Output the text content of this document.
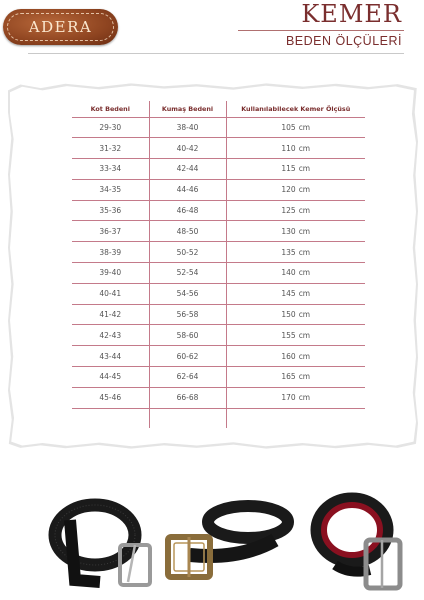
ADERA	KEMER
BEDEN ÖLÇÜLERİ
Kot Bedeni	Kumaş Bedeni	Kullanılabilecek Kemer Ölçüsü
29-30	38-40	105 cm
31-32	40-42	110 cm
33-34	42-44	115 cm
34-35	44-46	120 cm
35-36	46-48	125 cm
36-37	48-50	130 cm
38-39	50-52	135 cm
39-40	52-54	140 cm
40-41	54-56	145 cm
41-42	56-58	150 cm
42-43	58-60	155 cm
43-44	60-62	160 cm
44-45	62-64	165 cm
45-46	66-68	170 cm
